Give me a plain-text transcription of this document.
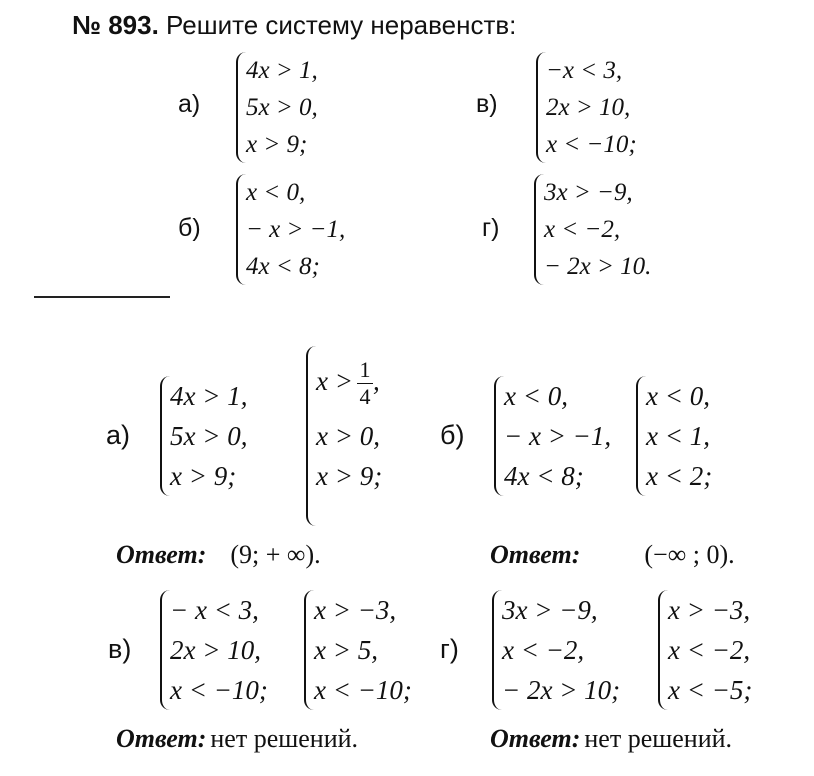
№ 893. Решите систему неравенств:
а)
4x > 1,
5x > 0,
x > 9;
в)
−x < 3,
2x > 10,
x < −10;
б)
x < 0,
− x > −1,
4x < 8;
г)
3x > −9,
x < −2,
− 2x > 10.
а)
4x > 1,
5x > 0,
x > 9;
$x > \frac{1}{4}$ ,
x > 0,
x > 9;
б)
x < 0,
− x > −1,
4x < 8;
x < 0,
x < 1,
x < 2;
Ответ: (9; + ∞).	Ответ: (−∞ ; 0).
в)
− x < 3,
2x > 10,
x < −10;
x > −3,
x > 5,
x < −10;
г)
3x > −9,
x < −2,
− 2x > 10;
x > −3,
x < −2,
x < −5;
Ответ: нет решений.	Ответ: нет решений.
